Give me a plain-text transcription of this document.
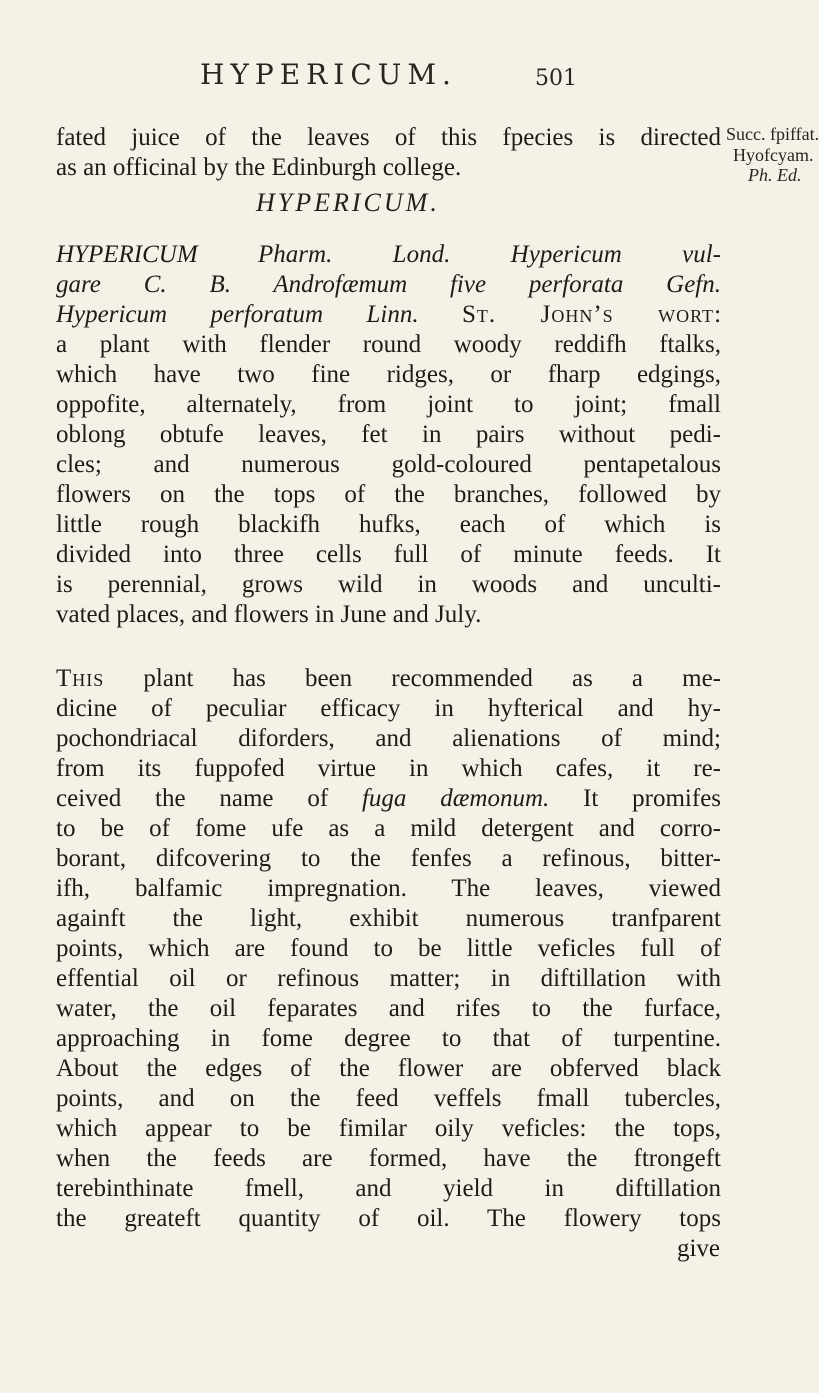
HYPERICUM.	501
fated juice of the leaves of this fpecies is directed
as an officinal by the Edinburgh college.
Succ. fpiffat.
Hyofcyam.
Ph. Ed.
HYPERICUM.
HYPERICUM Pharm. Lond. Hypericum vul-
gare C. B. Androfæmum five perforata Gefn.
Hypericum perforatum Linn. St. John’s wort:
a plant with flender round woody reddifh ftalks,
which have two fine ridges, or fharp edgings,
oppofite, alternately, from joint to joint; fmall
oblong obtufe leaves, fet in pairs without pedi-
cles; and numerous gold-coloured pentapetalous
flowers on the tops of the branches, followed by
little rough blackifh hufks, each of which is
divided into three cells full of minute feeds. It
is perennial, grows wild in woods and unculti-
vated places, and flowers in June and July.
This plant has been recommended as a me-
dicine of peculiar efficacy in hyfterical and hy-
pochondriacal diforders, and alienations of mind;
from its fuppofed virtue in which cafes, it re-
ceived the name of fuga dæmonum. It promifes
to be of fome ufe as a mild detergent and corro-
borant, difcovering to the fenfes a refinous, bitter-
ifh, balfamic impregnation. The leaves, viewed
againft the light, exhibit numerous tranfparent
points, which are found to be little veficles full of
effential oil or refinous matter; in diftillation with
water, the oil feparates and rifes to the furface,
approaching in fome degree to that of turpentine.
About the edges of the flower are obferved black
points, and on the feed veffels fmall tubercles,
which appear to be fimilar oily veficles: the tops,
when the feeds are formed, have the ftrongeft
terebinthinate fmell, and yield in diftillation
the greateft quantity of oil. The flowery tops
give
